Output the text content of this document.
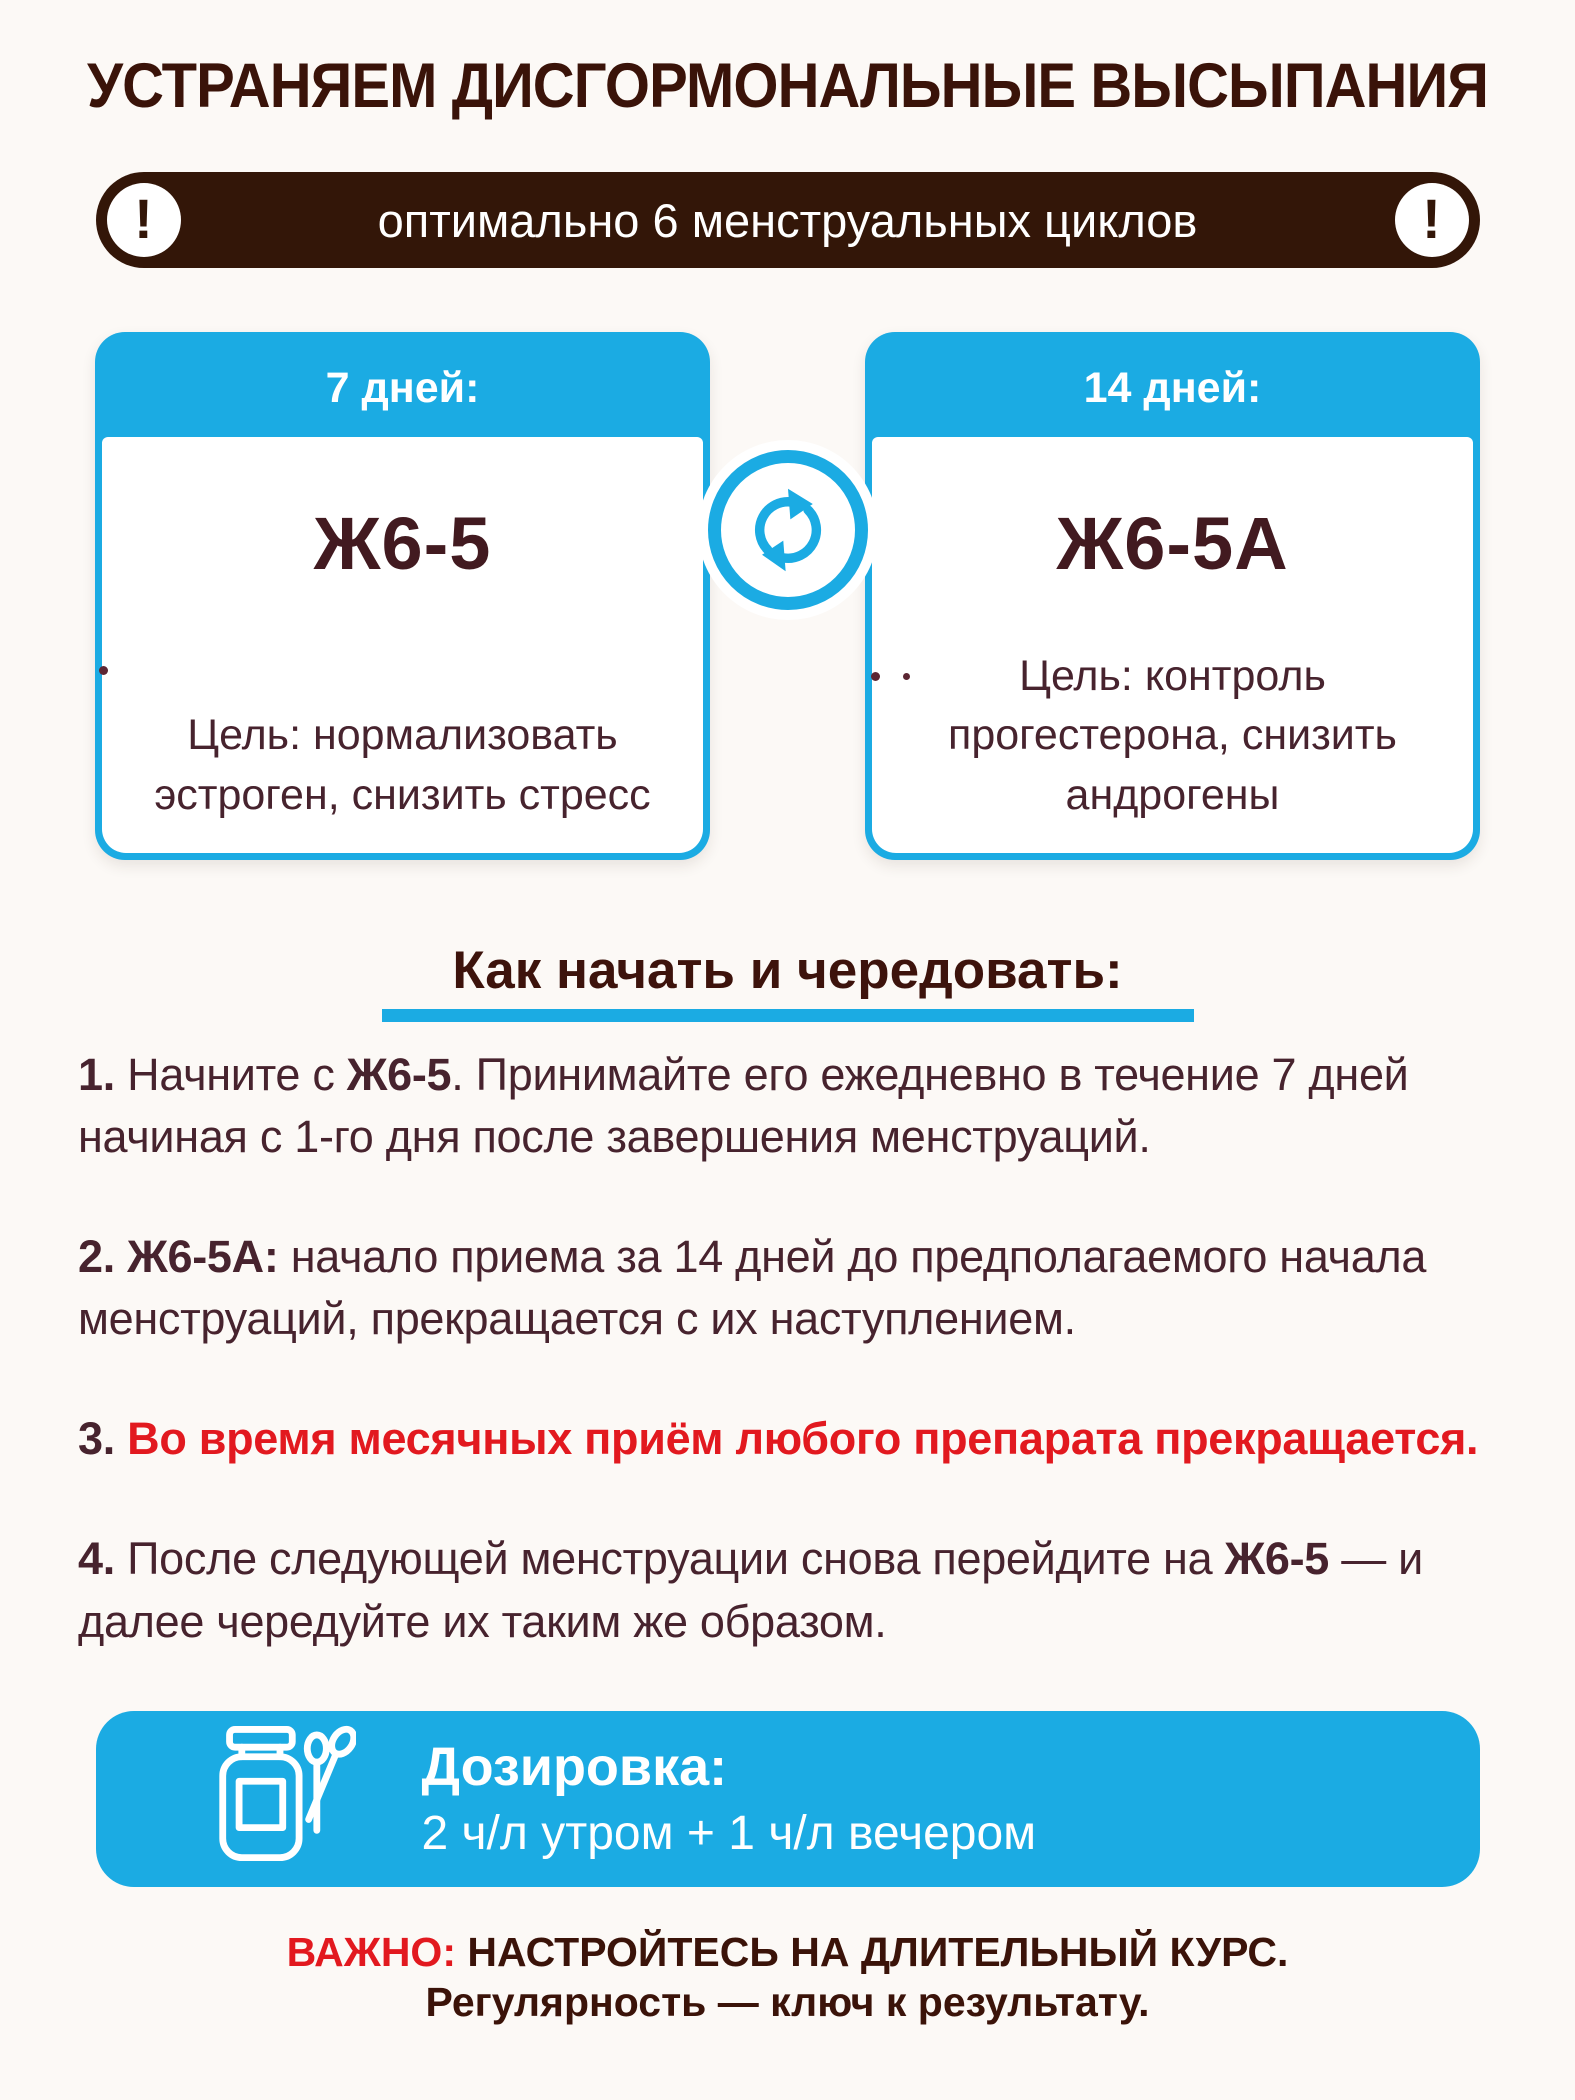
УСТРАНЯЕМ ДИСГОРМОНАЛЬНЫЕ ВЫСЫПАНИЯ
!	оптимально 6 менструальных циклов	!
7 дней:
Ж6-5
Цель: нормализовать эстроген, снизить стресс
14 дней:
Ж6-5А
Цель: контроль прогестерона, снизить андрогены
Как начать и чередовать:

1. Начните с Ж6-5. Принимайте его ежедневно в течение 7 дней начиная с 1-го дня после завершения менструаций.

2. Ж6-5А: начало приема за 14 дней до предполагаемого начала менструаций, прекращается с их наступлением.

3. Во время месячных приём любого препарата прекращается.

4. После следующей менструации снова перейдите на Ж6-5 — и далее чередуйте их таким же образом.

Дозировка:
2 ч/л утром + 1 ч/л вечером

ВАЖНО: НАСТРОЙТЕСЬ НА ДЛИТЕЛЬНЫЙ КУРС.

Регулярность — ключ к результату.
